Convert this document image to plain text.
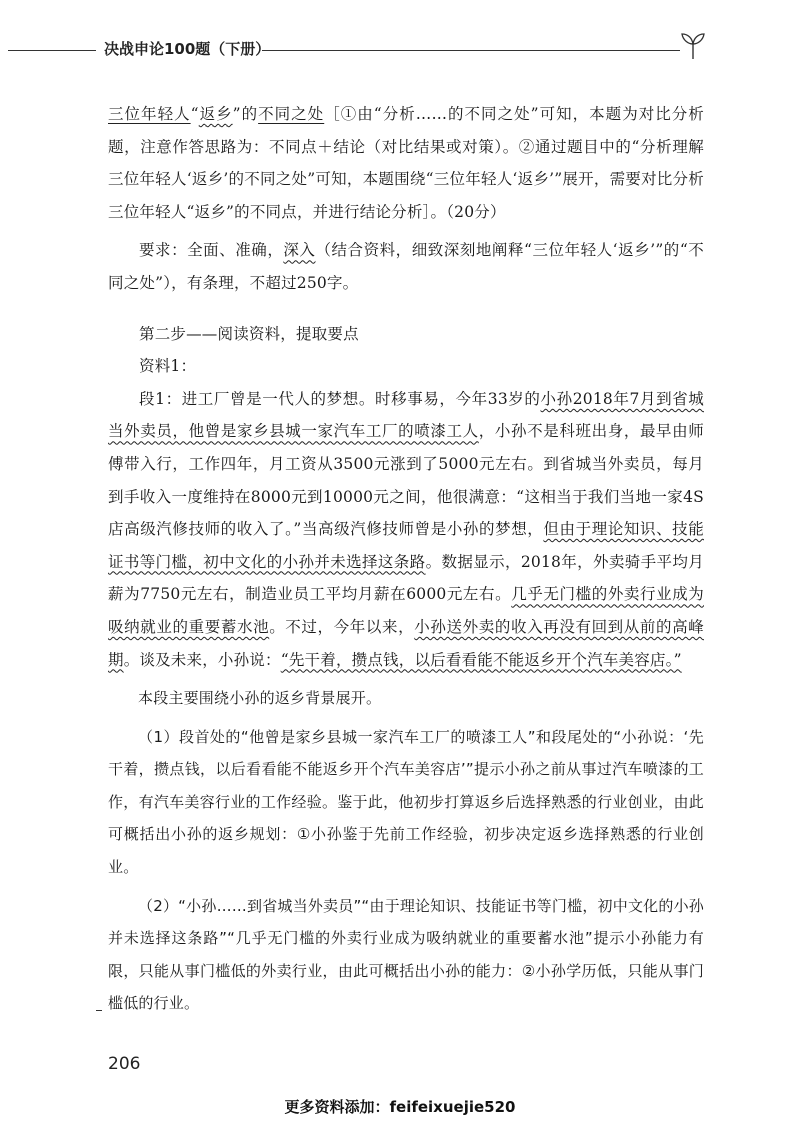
决战申论100题（下册）

三位年轻人“返乡”的不同之处［①由“分析……的不同之处”可知，本题为对比分析题，注意作答思路为：不同点＋结论（对比结果或对策）。②通过题目中的“分析理解三位年轻人‘返乡’的不同之处”可知，本题围绕“三位年轻人‘返乡’”展开，需要对比分析三位年轻人“返乡”的不同点，并进行结论分析］。（20分）

要求：全面、准确，深入（结合资料，细致深刻地阐释“三位年轻人‘返乡’”的“不同之处”），有条理，不超过250字。

第二步——阅读资料，提取要点

资料1：

段1：进工厂曾是一代人的梦想。时移事易，今年33岁的小孙2018年7月到省城当外卖员，他曾是家乡县城一家汽车工厂的喷漆工人，小孙不是科班出身，最早由师傅带入行，工作四年，月工资从3500元涨到了5000元左右。到省城当外卖员，每月到手收入一度维持在8000元到10000元之间，他很满意：“这相当于我们当地一家4S店高级汽修技师的收入了。”当高级汽修技师曾是小孙的梦想，但由于理论知识、技能证书等门槛，初中文化的小孙并未选择这条路。数据显示，2018年，外卖骑手平均月薪为7750元左右，制造业员工平均月薪在6000元左右。几乎无门槛的外卖行业成为吸纳就业的重要蓄水池。不过，今年以来，小孙送外卖的收入再没有回到从前的高峰期。谈及未来，小孙说：“先干着，攒点钱，以后看看能不能返乡开个汽车美容店。”

本段主要围绕小孙的返乡背景展开。

（1）段首处的“他曾是家乡县城一家汽车工厂的喷漆工人”和段尾处的“小孙说：‘先干着，攒点钱，以后看看能不能返乡开个汽车美容店’”提示小孙之前从事过汽车喷漆的工作，有汽车美容行业的工作经验。鉴于此，他初步打算返乡后选择熟悉的行业创业，由此可概括出小孙的返乡规划：①小孙鉴于先前工作经验，初步决定返乡选择熟悉的行业创业。

（2）“小孙……到省城当外卖员”“由于理论知识、技能证书等门槛，初中文化的小孙并未选择这条路”“几乎无门槛的外卖行业成为吸纳就业的重要蓄水池”提示小孙能力有限，只能从事门槛低的外卖行业，由此可概括出小孙的能力：②小孙学历低，只能从事门槛低的行业。

206
更多资料添加：feifeixuejie520
